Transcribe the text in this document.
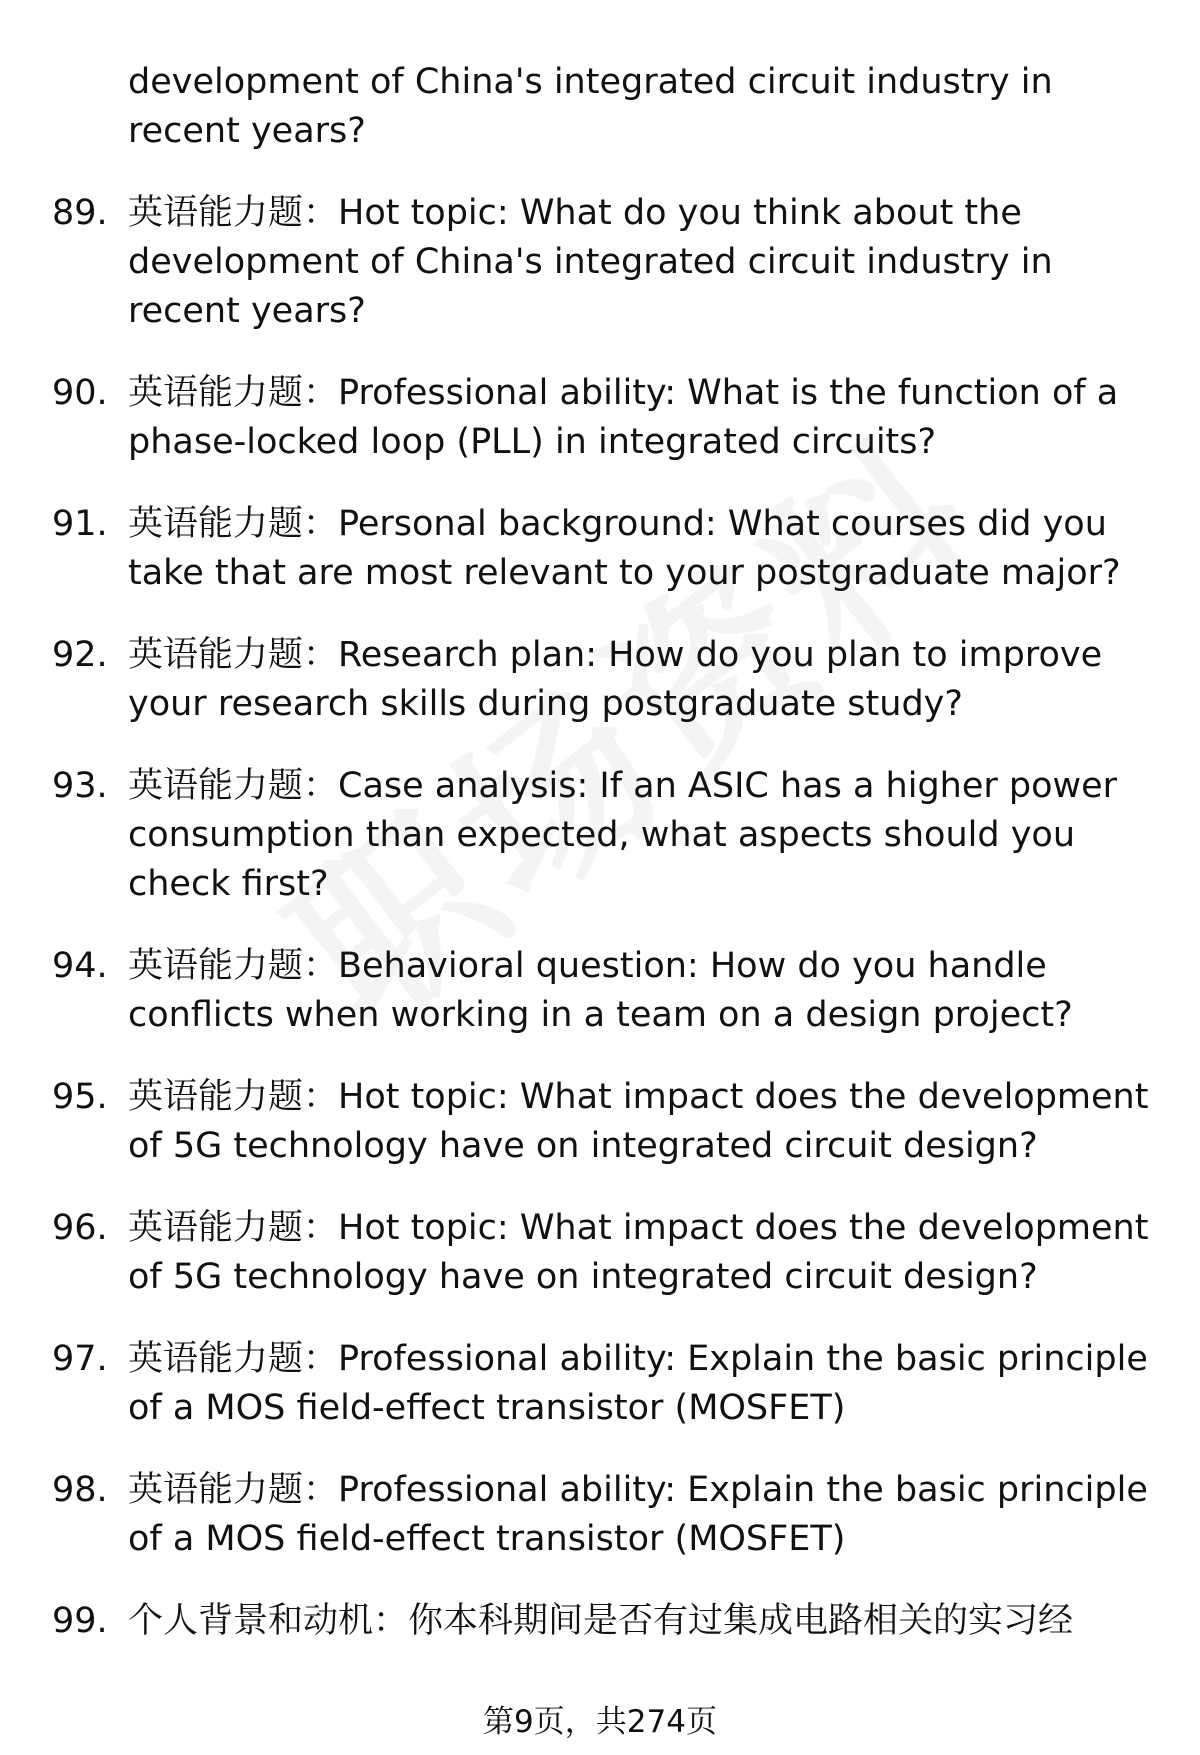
development of China's integrated circuit industry in recent years?
89. 英语能力题：Hot topic: What do you think about the development of China's integrated circuit industry in recent years?
90. 英语能力题：Professional ability: What is the function of a phase-locked loop (PLL) in integrated circuits?
91. 英语能力题：Personal background: What courses did you take that are most relevant to your postgraduate major?
92. 英语能力题：Research plan: How do you plan to improve your research skills during postgraduate study?
93. 英语能力题：Case analysis: If an ASIC has a higher power consumption than expected, what aspects should you check first?
94. 英语能力题：Behavioral question: How do you handle conflicts when working in a team on a design project?
95. 英语能力题：Hot topic: What impact does the development of 5G technology have on integrated circuit design?
96. 英语能力题：Hot topic: What impact does the development of 5G technology have on integrated circuit design?
97. 英语能力题：Professional ability: Explain the basic principle of a MOS field-effect transistor (MOSFET)
98. 英语能力题：Professional ability: Explain the basic principle of a MOS field-effect transistor (MOSFET)
99. 个人背景和动机：你本科期间是否有过集成电路相关的实习经
第9页，共274页
